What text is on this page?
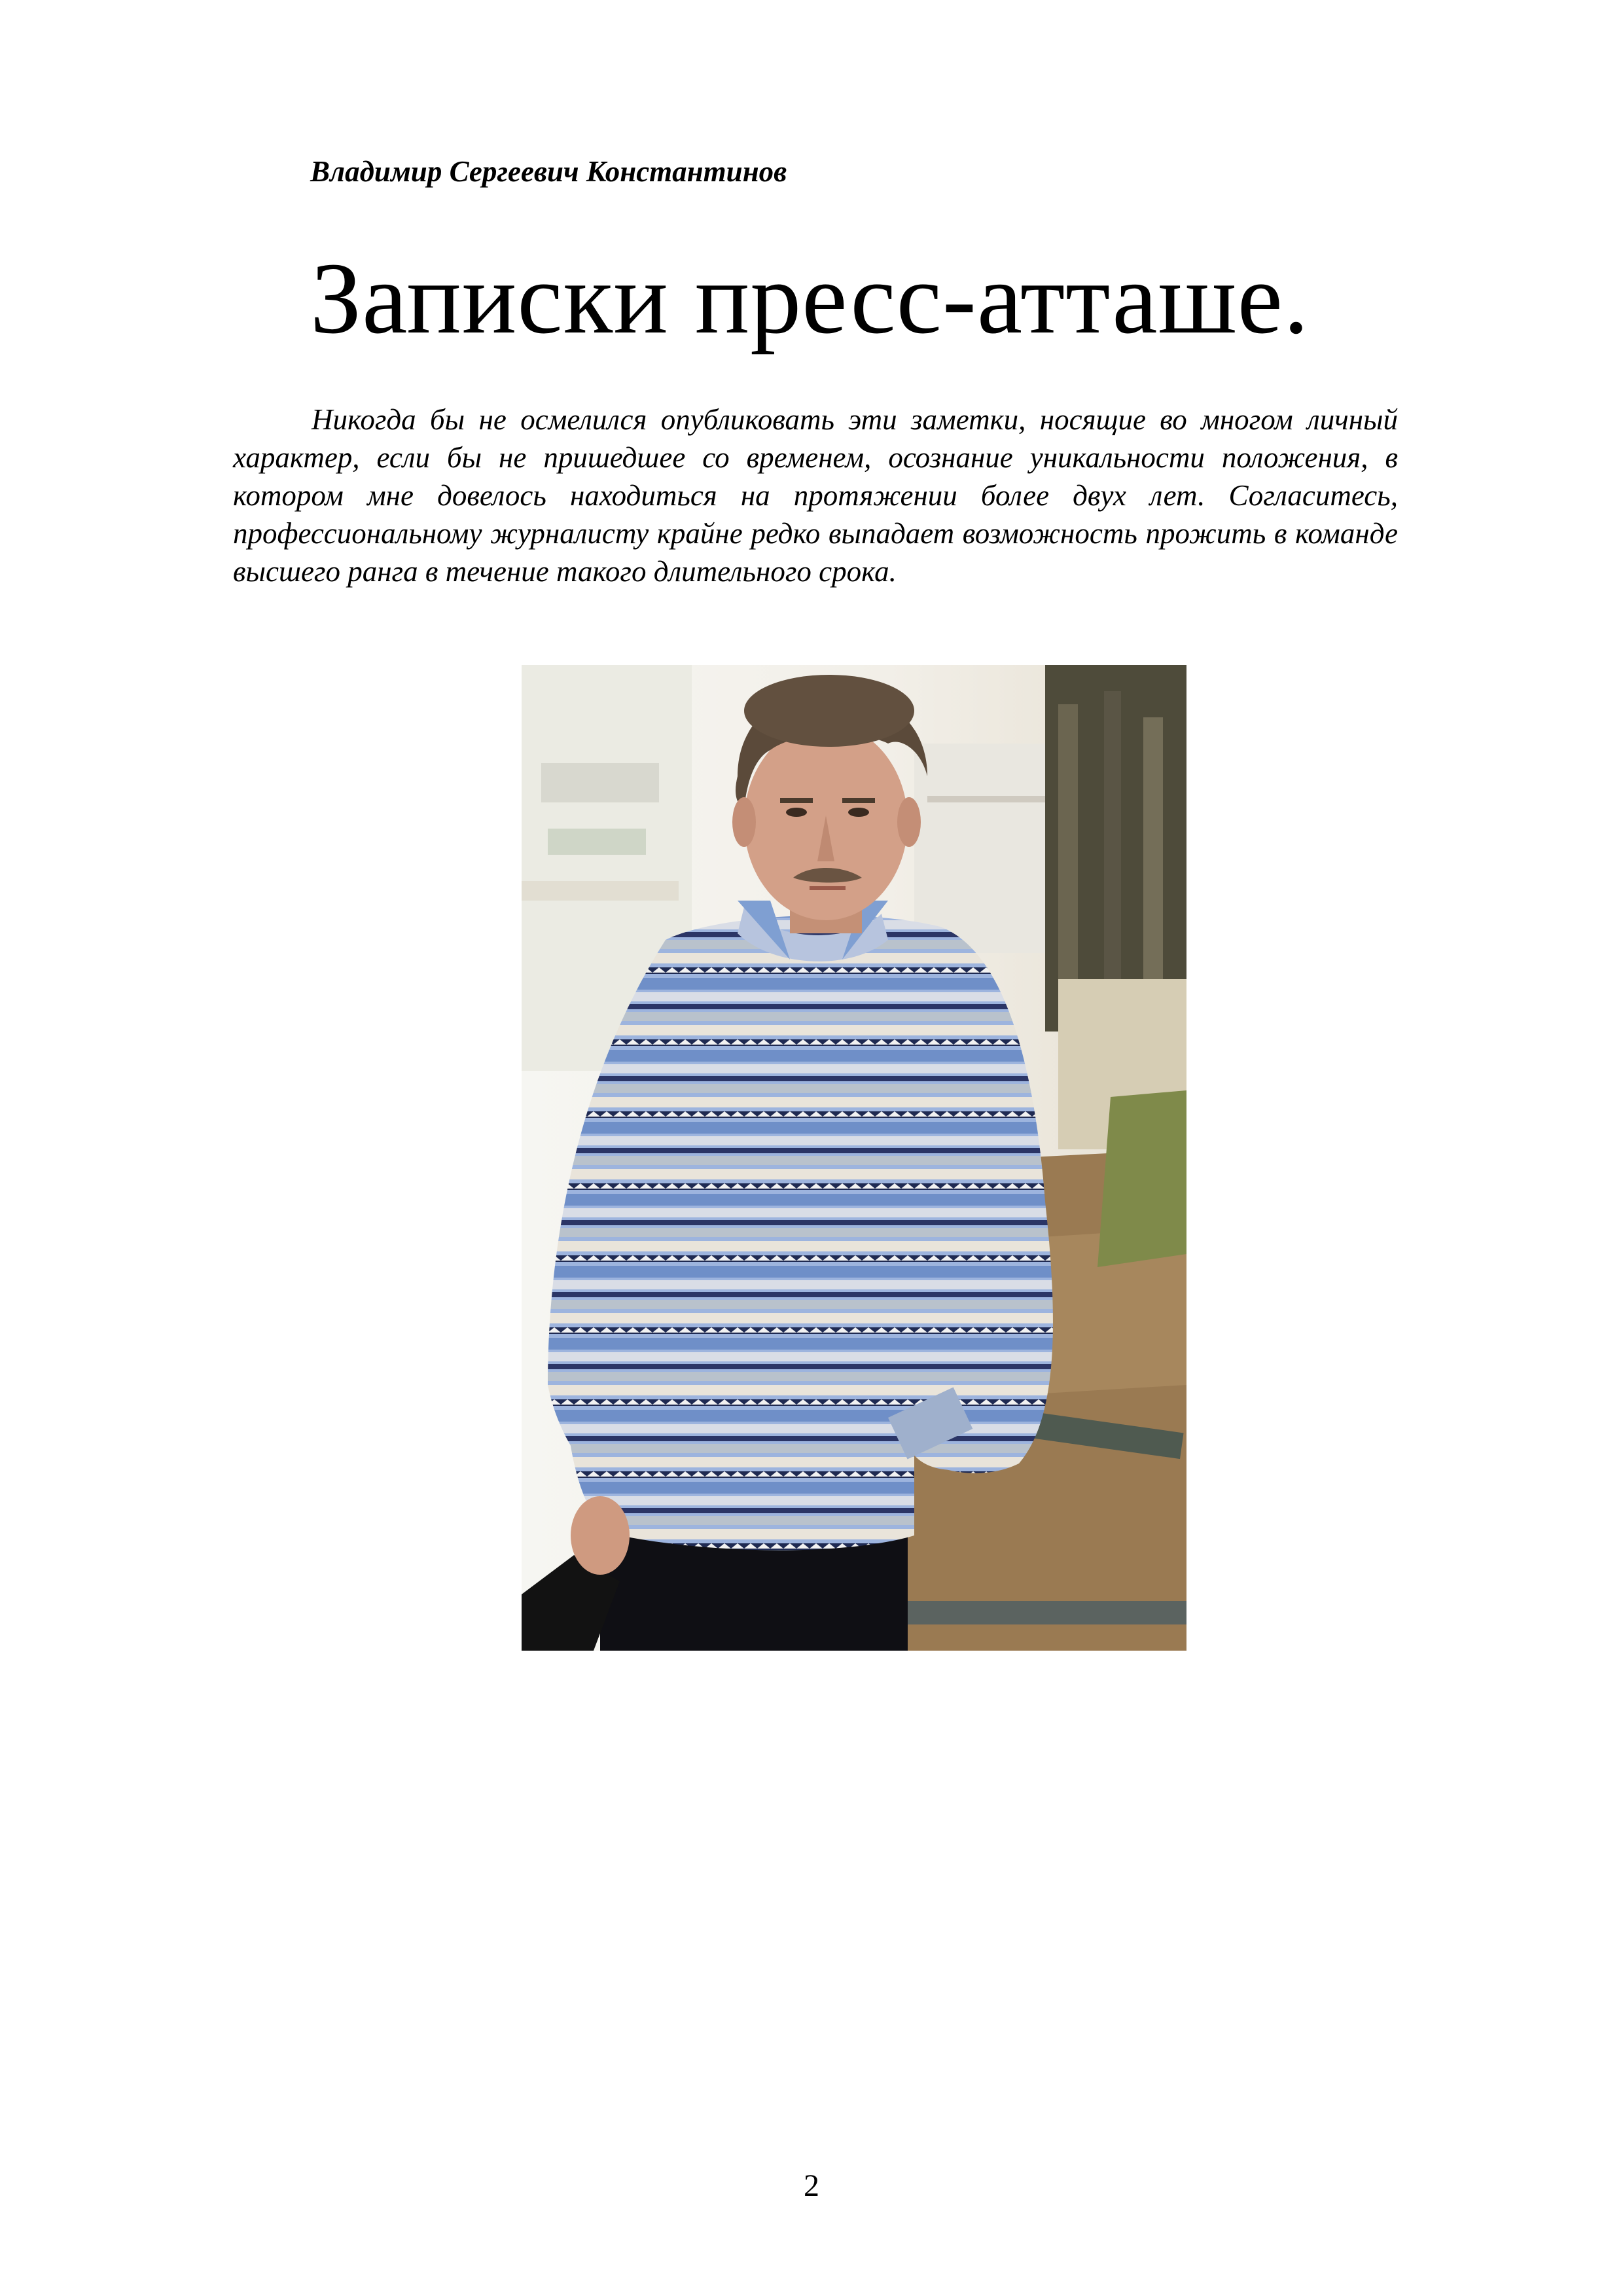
Владимир Сергеевич Константинов

Записки пресс-атташе.

Никогда бы не осмелился опубликовать эти заметки, носящие во многом личный характер, если бы не пришедшее со временем, осознание уникальности положения, в котором мне довелось находиться на протяжении более двух лет. Согласитесь, профессиональному журналисту крайне редко выпадает возможность прожить в команде высшего ранга в течение такого длительного срока.

2
